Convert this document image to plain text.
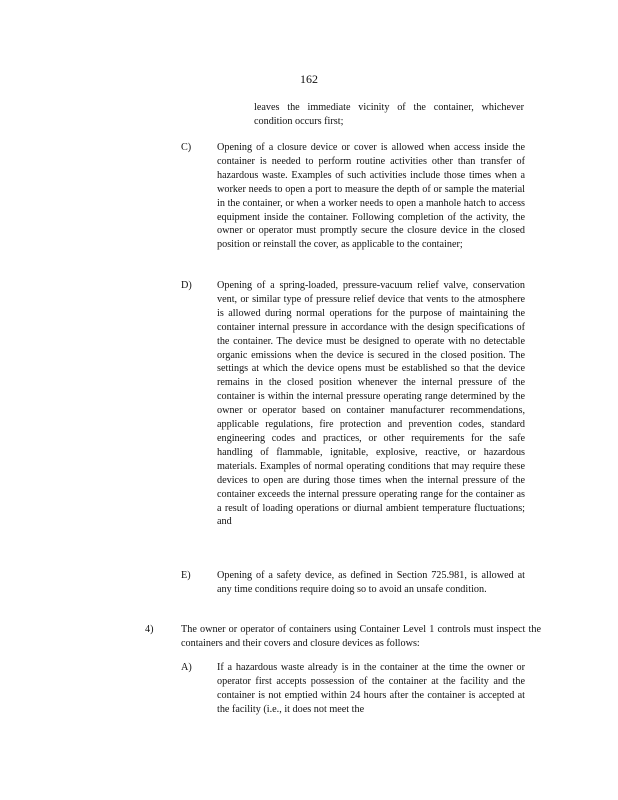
162

leaves the immediate vicinity of the container, whichever condition occurs first;

C)	Opening of a closure device or cover is allowed when access inside the container is needed to perform routine activities other than transfer of hazardous waste. Examples of such activities include those times when a worker needs to open a port to measure the depth of or sample the material in the container, or when a worker needs to open a manhole hatch to access equipment inside the container. Following completion of the activity, the owner or operator must promptly secure the closure device in the closed position or reinstall the cover, as applicable to the container;

D) Opening of a spring-loaded, pressure-vacuum relief valve, conservation vent, or similar type of pressure relief device that vents to the atmosphere is allowed during normal operations for the purpose of maintaining the container internal pressure in accordance with the design specifications of the container. The device must be designed to operate with no detectable organic emissions when the device is secured in the closed position. The settings at which the device opens must be established so that the device remains in the closed position whenever the internal pressure of the container is within the internal pressure operating range determined by the owner or operator based on container manufacturer recommendations, applicable regulations, fire protection and prevention codes, standard engineering codes and practices, or other requirements for the safe handling of flammable, ignitable, explosive, reactive, or hazardous materials. Examples of normal operating conditions that may require these devices to open are during those times when the internal pressure of the container exceeds the internal pressure operating range for the container as a result of loading operations or diurnal ambient temperature fluctuations; and

E)	Opening of a safety device, as defined in Section 725.981, is allowed at any time conditions require doing so to avoid an unsafe condition.

4)	The owner or operator of containers using Container Level 1 controls must inspect the containers and their covers and closure devices as follows:

A) If a hazardous waste already is in the container at the time the owner or operator first accepts possession of the container at the facility and the container is not emptied within 24 hours after the container is accepted at the facility (i.e., it does not meet the
